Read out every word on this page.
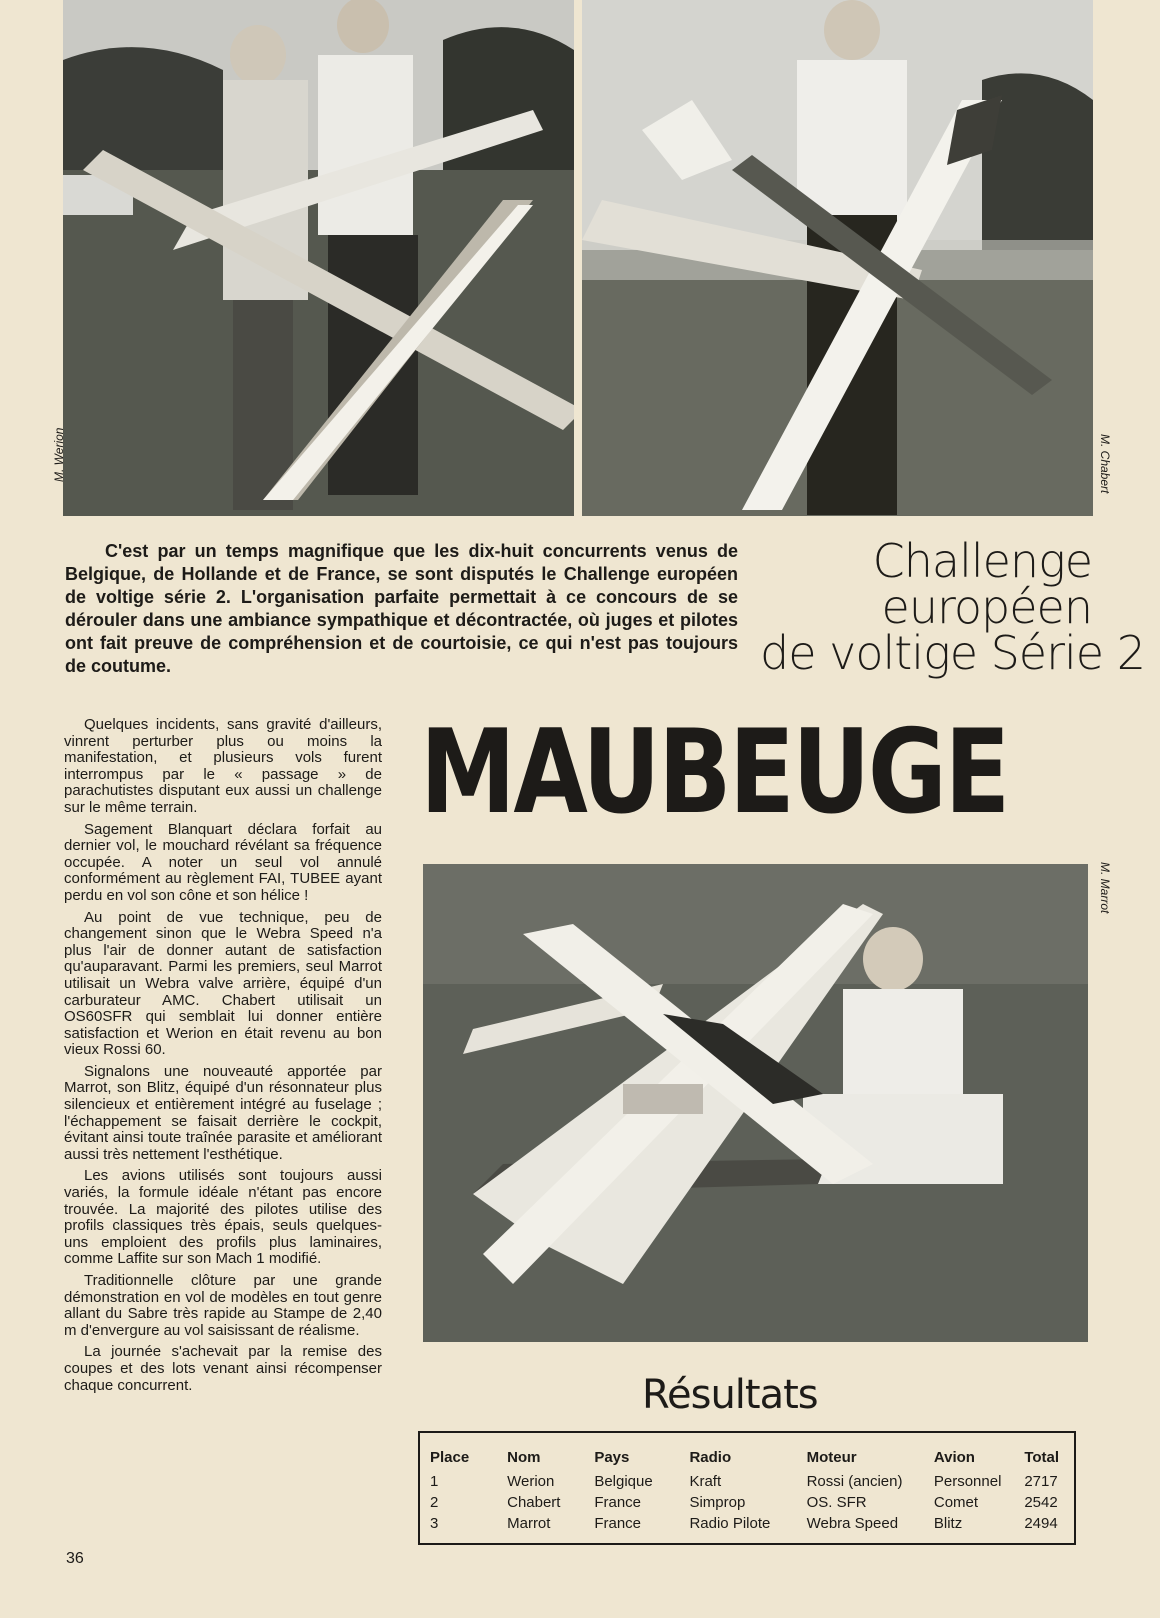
M. Werion	M. Chabert

C'est par un temps magnifique que les dix-huit concurrents venus de Belgique, de Hollande et de France, se sont disputés le Challenge européen de voltige série 2. L'organisation parfaite permettait à ce concours de se dérouler dans une ambiance sympathique et décontractée, où juges et pilotes ont fait preuve de compréhension et de courtoisie, ce qui n'est pas toujours de coutume.

Challenge
européen
de voltige Série 2
MAUBEUGE

Quelques incidents, sans gravité d'ailleurs, vinrent perturber plus ou moins la manifestation, et plusieurs vols furent interrompus par le « passage » de parachutistes disputant eux aussi un challenge sur le même terrain.

Sagement Blanquart déclara forfait au dernier vol, le mouchard révélant sa fréquence occupée. A noter un seul vol annulé conformément au règlement FAI, TUBEE ayant perdu en vol son cône et son hélice !

Au point de vue technique, peu de changement sinon que le Webra Speed n'a plus l'air de donner autant de satisfaction qu'auparavant. Parmi les premiers, seul Marrot utilisait un Webra valve arrière, équipé d'un carburateur AMC. Chabert utilisait un OS60SFR qui semblait lui donner entière satisfaction et Werion en était revenu au bon vieux Rossi 60.

Signalons une nouveauté apportée par Marrot, son Blitz, équipé d'un résonnateur plus silencieux et entièrement intégré au fuselage ; l'échappement se faisait derrière le cockpit, évitant ainsi toute traînée parasite et améliorant aussi très nettement l'esthétique.

Les avions utilisés sont toujours aussi variés, la formule idéale n'étant pas encore trouvée. La majorité des pilotes utilise des profils classiques très épais, seuls quelques-uns emploient des profils plus laminaires, comme Laffite sur son Mach 1 modifié.

Traditionnelle clôture par une grande démonstration en vol de modèles en tout genre allant du Sabre très rapide au Stampe de 2,40 m d'envergure au vol saisissant de réalisme.

La journée s'achevait par la remise des coupes et des lots venant ainsi récompenser chaque concurrent.

M. Marrot
Résultats
Place	Nom	Pays	Radio	Moteur	Avion	Total
1	Werion	Belgique	Kraft	Rossi (ancien)	Personnel	2717
2	Chabert	France	Simprop	OS. SFR	Comet	2542
3	Marrot	France	Radio Pilote	Webra Speed	Blitz	2494
36
